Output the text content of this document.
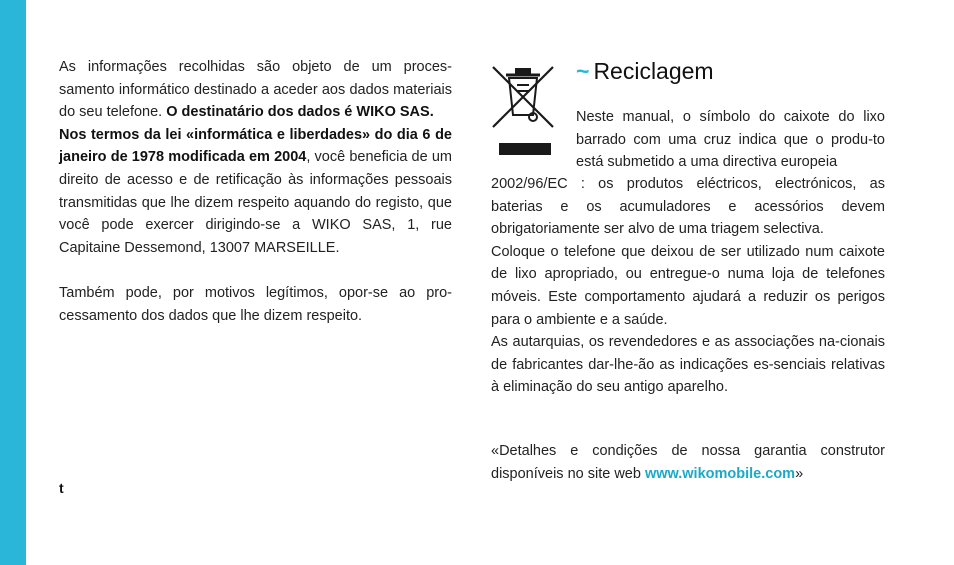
As informações recolhidas são objeto de um proces-samento informático destinado a aceder aos dados materiais do seu telefone. O destinatário dos dados é WIKO SAS.

Nos termos da lei «informática e liberdades» do dia 6 de janeiro de 1978 modificada em 2004, você beneficia de um direito de acesso e de retificação às informações pessoais transmitidas que lhe dizem respeito aquando do registo, que você pode exercer dirigindo-se a WIKO SAS, 1, rue Capitaine Dessemond, 13007 MARSEILLE.

Também pode, por motivos legítimos, opor-se ao pro-cessamento dos dados que lhe dizem respeito.

t
~ Reciclagem
Neste manual, o símbolo do caixote do lixo barrado com uma cruz indica que o produ-to está submetido a uma directiva europeia

2002/96/EC : os produtos eléctricos, electrónicos, as baterias e os acumuladores e acessórios devem obrigatoriamente ser alvo de uma triagem selectiva.

Coloque o telefone que deixou de ser utilizado num caixote de lixo apropriado, ou entregue-o numa loja de telefones móveis. Este comportamento ajudará a reduzir os perigos para o ambiente e a saúde.

As autarquias, os revendedores e as associações na-cionais de fabricantes dar-lhe-ão as indicações es-senciais relativas à eliminação do seu antigo aparelho.

«Detalhes e condições de nossa garantia construtor disponíveis no site web www.wikomobile.com»
